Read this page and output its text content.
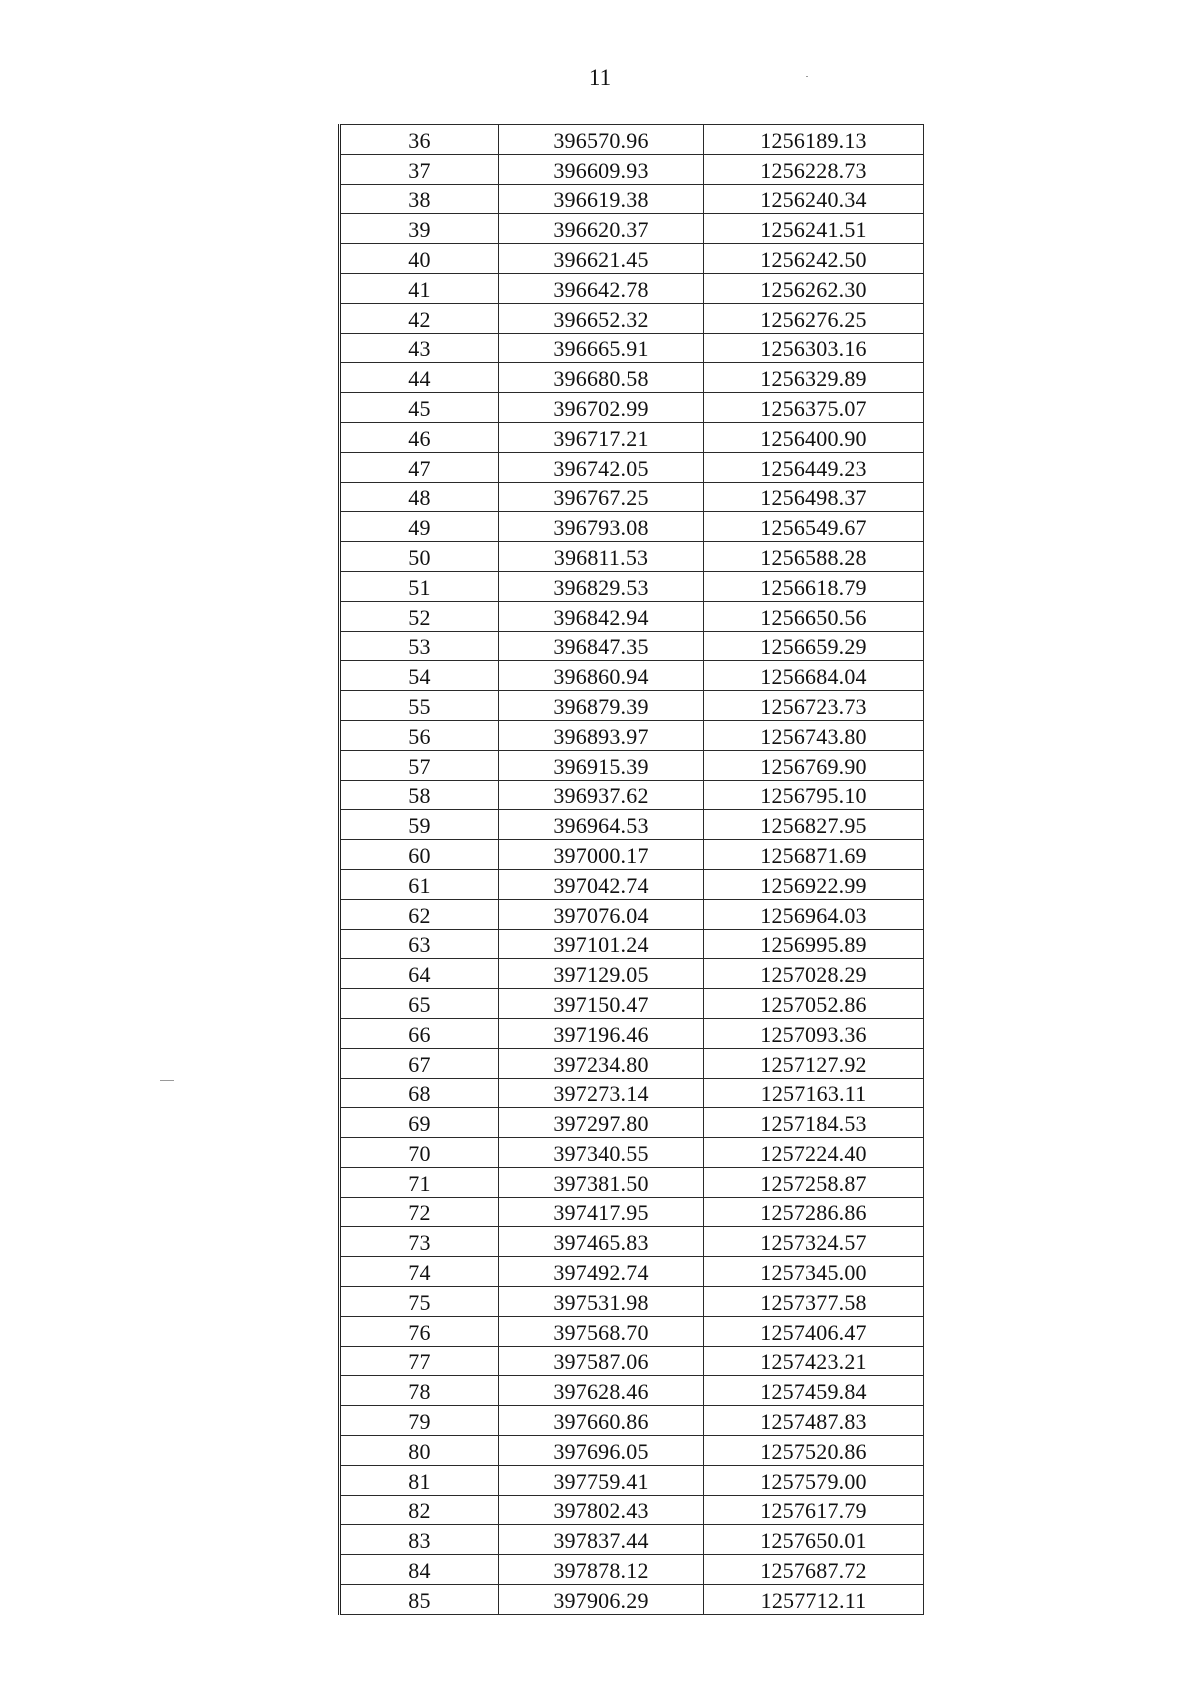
11
36	396570.96	1256189.13
37	396609.93	1256228.73
38	396619.38	1256240.34
39	396620.37	1256241.51
40	396621.45	1256242.50
41	396642.78	1256262.30
42	396652.32	1256276.25
43	396665.91	1256303.16
44	396680.58	1256329.89
45	396702.99	1256375.07
46	396717.21	1256400.90
47	396742.05	1256449.23
48	396767.25	1256498.37
49	396793.08	1256549.67
50	396811.53	1256588.28
51	396829.53	1256618.79
52	396842.94	1256650.56
53	396847.35	1256659.29
54	396860.94	1256684.04
55	396879.39	1256723.73
56	396893.97	1256743.80
57	396915.39	1256769.90
58	396937.62	1256795.10
59	396964.53	1256827.95
60	397000.17	1256871.69
61	397042.74	1256922.99
62	397076.04	1256964.03
63	397101.24	1256995.89
64	397129.05	1257028.29
65	397150.47	1257052.86
66	397196.46	1257093.36
67	397234.80	1257127.92
68	397273.14	1257163.11
69	397297.80	1257184.53
70	397340.55	1257224.40
71	397381.50	1257258.87
72	397417.95	1257286.86
73	397465.83	1257324.57
74	397492.74	1257345.00
75	397531.98	1257377.58
76	397568.70	1257406.47
77	397587.06	1257423.21
78	397628.46	1257459.84
79	397660.86	1257487.83
80	397696.05	1257520.86
81	397759.41	1257579.00
82	397802.43	1257617.79
83	397837.44	1257650.01
84	397878.12	1257687.72
85	397906.29	1257712.11
